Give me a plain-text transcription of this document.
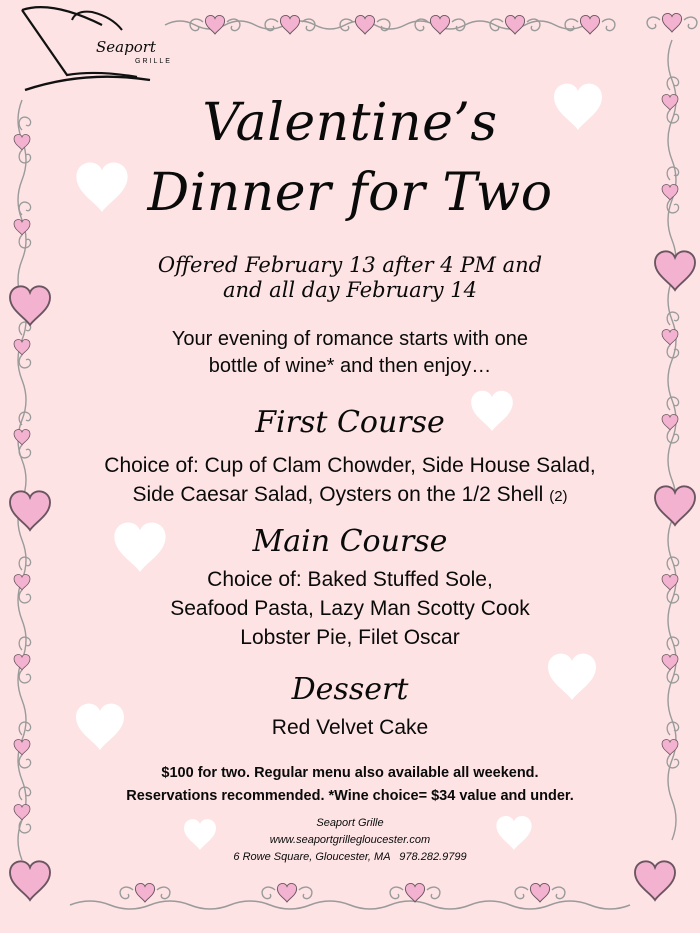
Seaport
GRILLE
Valentine’s
Dinner for Two
Offered February 13 after 4 PM and
and all day February 14
Your evening of romance starts with one
bottle of wine* and then enjoy…
First Course
Choice of: Cup of Clam Chowder, Side House Salad,
Side Caesar Salad, Oysters on the 1/2 Shell (2)
Main Course
Choice of: Baked Stuffed Sole,
Seafood Pasta, Lazy Man Scotty Cook
Lobster Pie, Filet Oscar
Dessert
Red Velvet Cake
$100 for two. Regular menu also available all weekend.
Reservations recommended. *Wine choice= $34 value and under.
Seaport Grille
www.seaportgrillegloucester.com
6 Rowe Square, Gloucester, MA   978.282.9799
